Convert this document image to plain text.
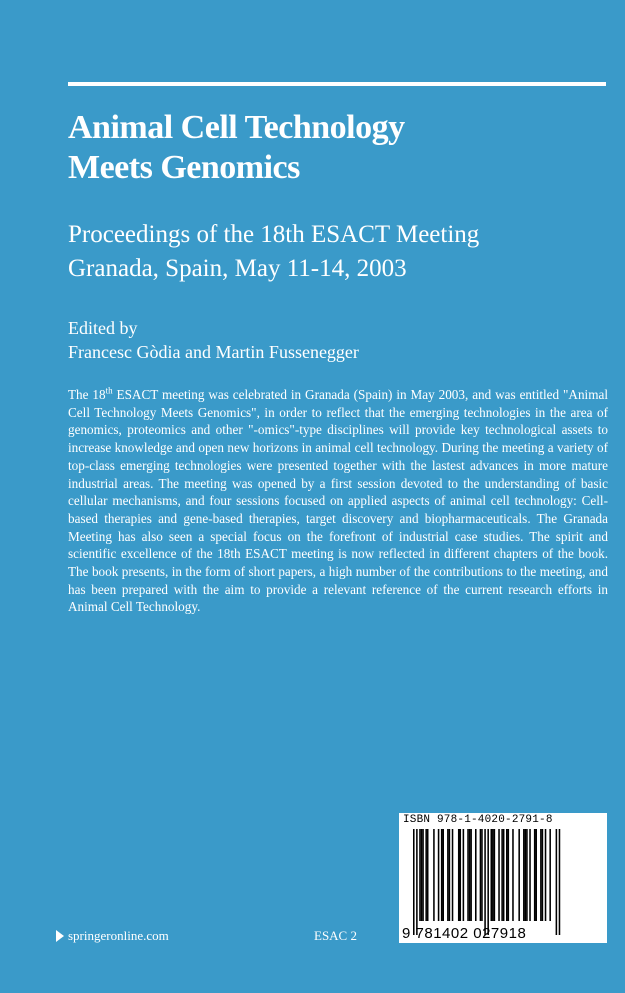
Animal Cell Technology
Meets Genomics
Proceedings of the 18th ESACT Meeting
Granada, Spain, May 11-14, 2003
Edited by
Francesc Gòdia and Martin Fussenegger
The 18th ESACT meeting was celebrated in Granada (Spain) in May 2003, and was entitled "Animal Cell Technology Meets Genomics", in order to reflect that the emerging technologies in the area of genomics, proteomics and other "-omics"-type disciplines will provide key technological assets to increase knowledge and open new horizons in animal cell technology. During the meeting a variety of top-class emerging technologies were presented together with the lastest advances in more mature industrial areas. The meeting was opened by a first session devoted to the understanding of basic cellular mechanisms, and four sessions focused on applied aspects of animal cell technology: Cell-based therapies and gene-based therapies, target discovery and biopharmaceuticals. The Granada Meeting has also seen a special focus on the forefront of industrial case studies. The spirit and scientific excellence of the 18th ESACT meeting is now reflected in different chapters of the book. The book presents, in the form of short papers, a high number of the contributions to the meeting, and has been prepared with the aim to provide a relevant reference of the current research efforts in Animal Cell Technology.
springeronline.com	ESAC 2
ISBN 978-1-4020-2791-8
9 781402 027918
